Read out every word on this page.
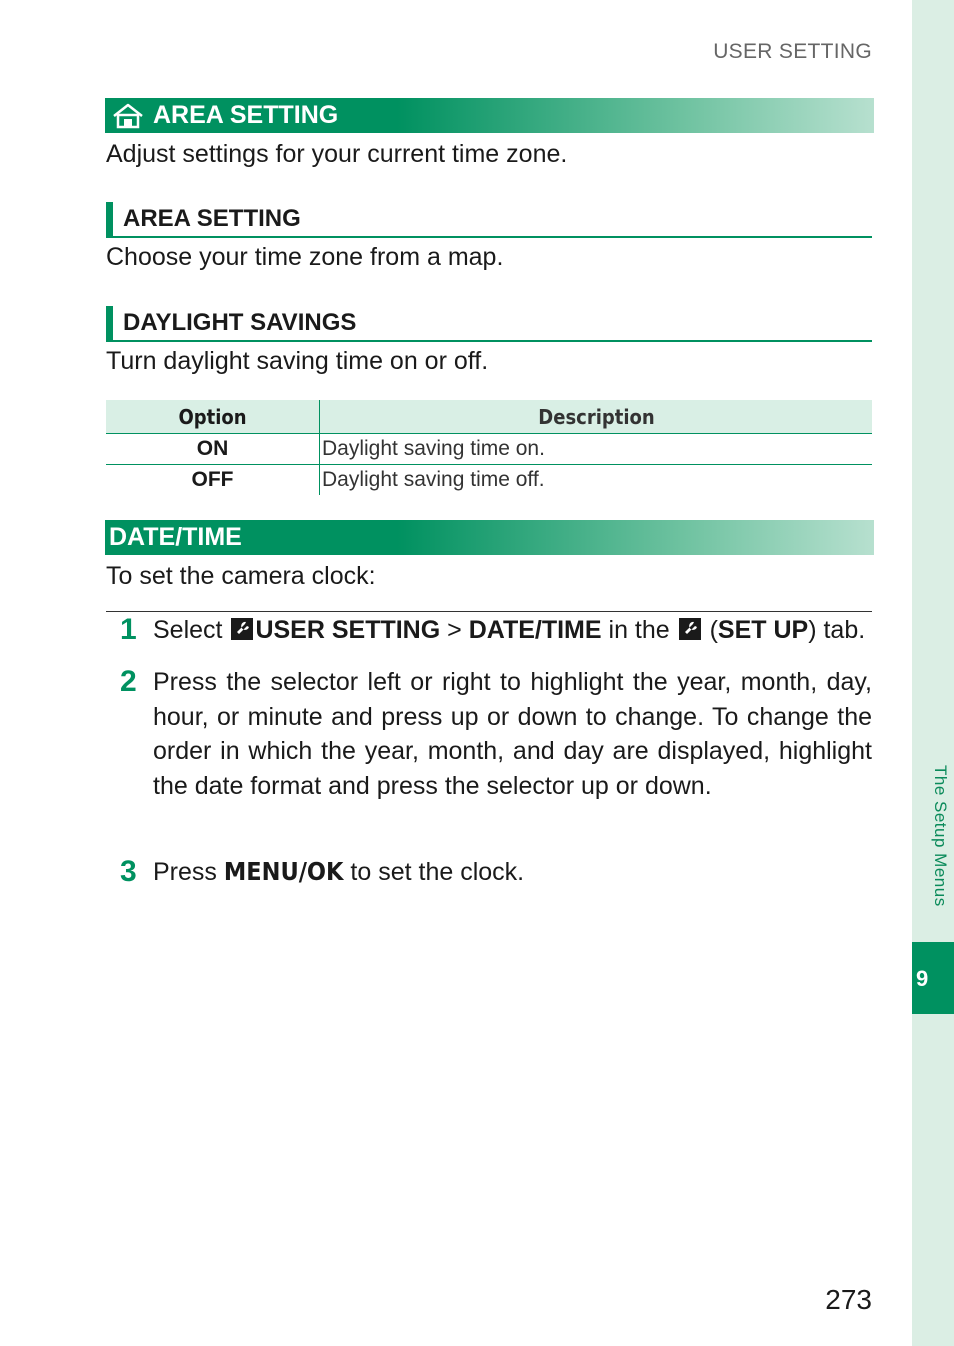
USER SETTING
The Setup Menus
9
AREA SETTING
Adjust settings for your current time zone.
AREA SETTING
Choose your time zone from a map.
DAYLIGHT SAVINGS
Turn daylight saving time on or off.
Option	Description
ON	Daylight saving time on.
OFF	Daylight saving time off.
DATE/TIME
To set the camera clock:
1 Select USER SETTING > DATE/TIME in the  (SET UP) tab.
2 Press the selector left or right to highlight the year, month, day, hour, or minute and press up or down to change. To change the order in which the year, month, and day are displayed, highlight the date format and press the selector up or down.
3 Press MENU/OK to set the clock.
273
